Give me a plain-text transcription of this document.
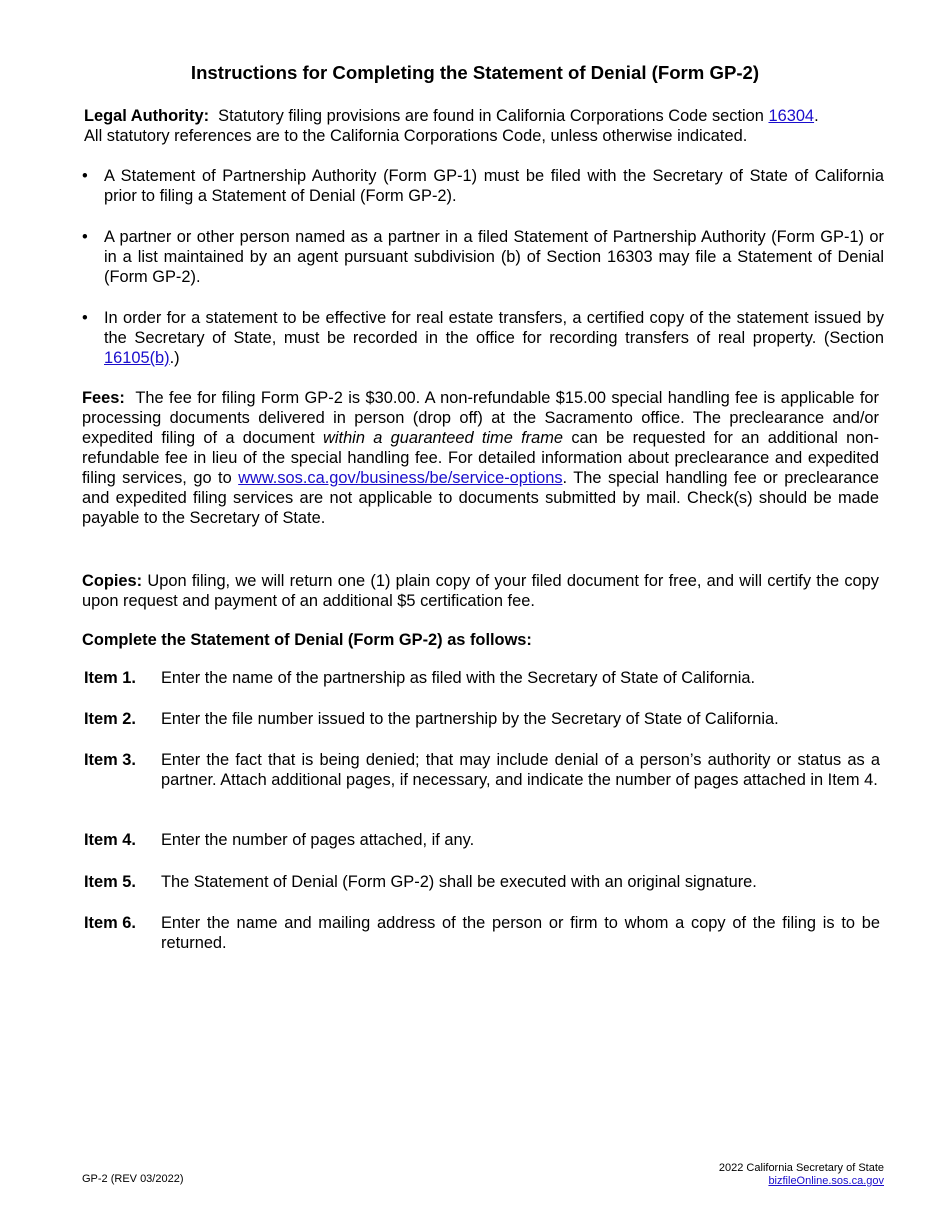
Instructions for Completing the Statement of Denial (Form GP-2)
Legal Authority: Statutory filing provisions are found in California Corporations Code section 16304.
All statutory references are to the California Corporations Code, unless otherwise indicated.
• A Statement of Partnership Authority (Form GP-1) must be filed with the Secretary of State of California prior to filing a Statement of Denial (Form GP-2).
• A partner or other person named as a partner in a filed Statement of Partnership Authority (Form GP-1) or in a list maintained by an agent pursuant subdivision (b) of Section 16303 may file a Statement of Denial (Form GP-2).
• In order for a statement to be effective for real estate transfers, a certified copy of the statement issued by the Secretary of State, must be recorded in the office for recording transfers of real property. (Section 16105(b).)
Fees: The fee for filing Form GP-2 is $30.00. A non-refundable $15.00 special handling fee is applicable for processing documents delivered in person (drop off) at the Sacramento office. The preclearance and/or expedited filing of a document within a guaranteed time frame can be requested for an additional non-refundable fee in lieu of the special handling fee. For detailed information about preclearance and expedited filing services, go to www.sos.ca.gov/business/be/service-options. The special handling fee or preclearance and expedited filing services are not applicable to documents submitted by mail. Check(s) should be made payable to the Secretary of State.
Copies: Upon filing, we will return one (1) plain copy of your filed document for free, and will certify the copy upon request and payment of an additional $5 certification fee.
Complete the Statement of Denial (Form GP-2) as follows:
Item 1.	Enter the name of the partnership as filed with the Secretary of State of California.
Item 2.	Enter the file number issued to the partnership by the Secretary of State of California.
Item 3.	Enter the fact that is being denied; that may include denial of a person’s authority or status as a partner. Attach additional pages, if necessary, and indicate the number of pages attached in Item 4.
Item 4.	Enter the number of pages attached, if any.
Item 5.	The Statement of Denial (Form GP-2) shall be executed with an original signature.
Item 6.	Enter the name and mailing address of the person or firm to whom a copy of the filing is to be returned.
GP-2 (REV 03/2022)
2022 California Secretary of State
bizfileOnline.sos.ca.gov
